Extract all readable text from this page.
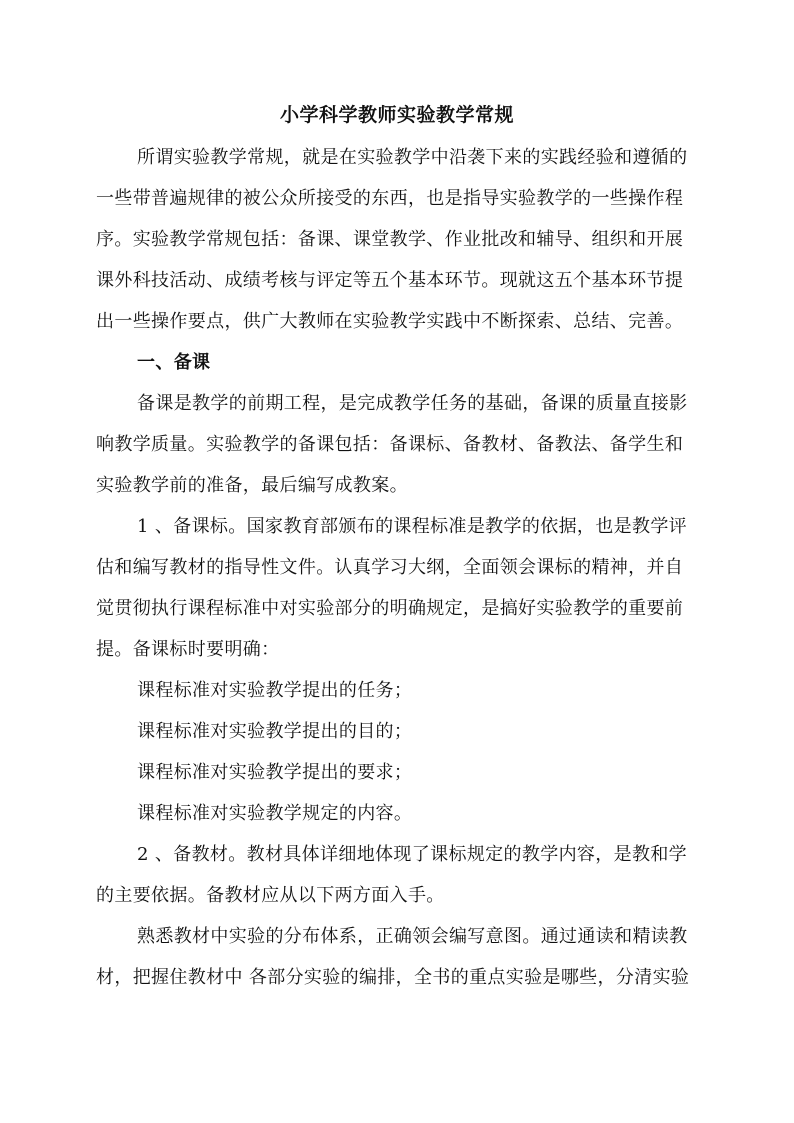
小学科学教师实验教学常规
所谓实验教学常规，就是在实验教学中沿袭下来的实践经验和遵循的
一些带普遍规律的被公众所接受的东西，也是指导实验教学的一些操作程
序。实验教学常规包括：备课、课堂教学、作业批改和辅导、组织和开展
课外科技活动、成绩考核与评定等五个基本环节。现就这五个基本环节提
出一些操作要点，供广大教师在实验教学实践中不断探索、总结、完善。
一、备课
备课是教学的前期工程，是完成教学任务的基础，备课的质量直接影
响教学质量。实验教学的备课包括：备课标、备教材、备教法、备学生和
实验教学前的准备，最后编写成教案。
1 、备课标。国家教育部颁布的课程标准是教学的依据，也是教学评
估和编写教材的指导性文件。认真学习大纲，全面领会课标的精神，并自
觉贯彻执行课程标准中对实验部分的明确规定，是搞好实验教学的重要前
提。备课标时要明确：
课程标准对实验教学提出的任务；
课程标准对实验教学提出的目的；
课程标准对实验教学提出的要求；
课程标准对实验教学规定的内容。
2 、备教材。教材具体详细地体现了课标规定的教学内容，是教和学
的主要依据。备教材应从以下两方面入手。
熟悉教材中实验的分布体系，正确领会编写意图。通过通读和精读教
材，把握住教材中 各部分实验的编排，全书的重点实验是哪些，分清实验
